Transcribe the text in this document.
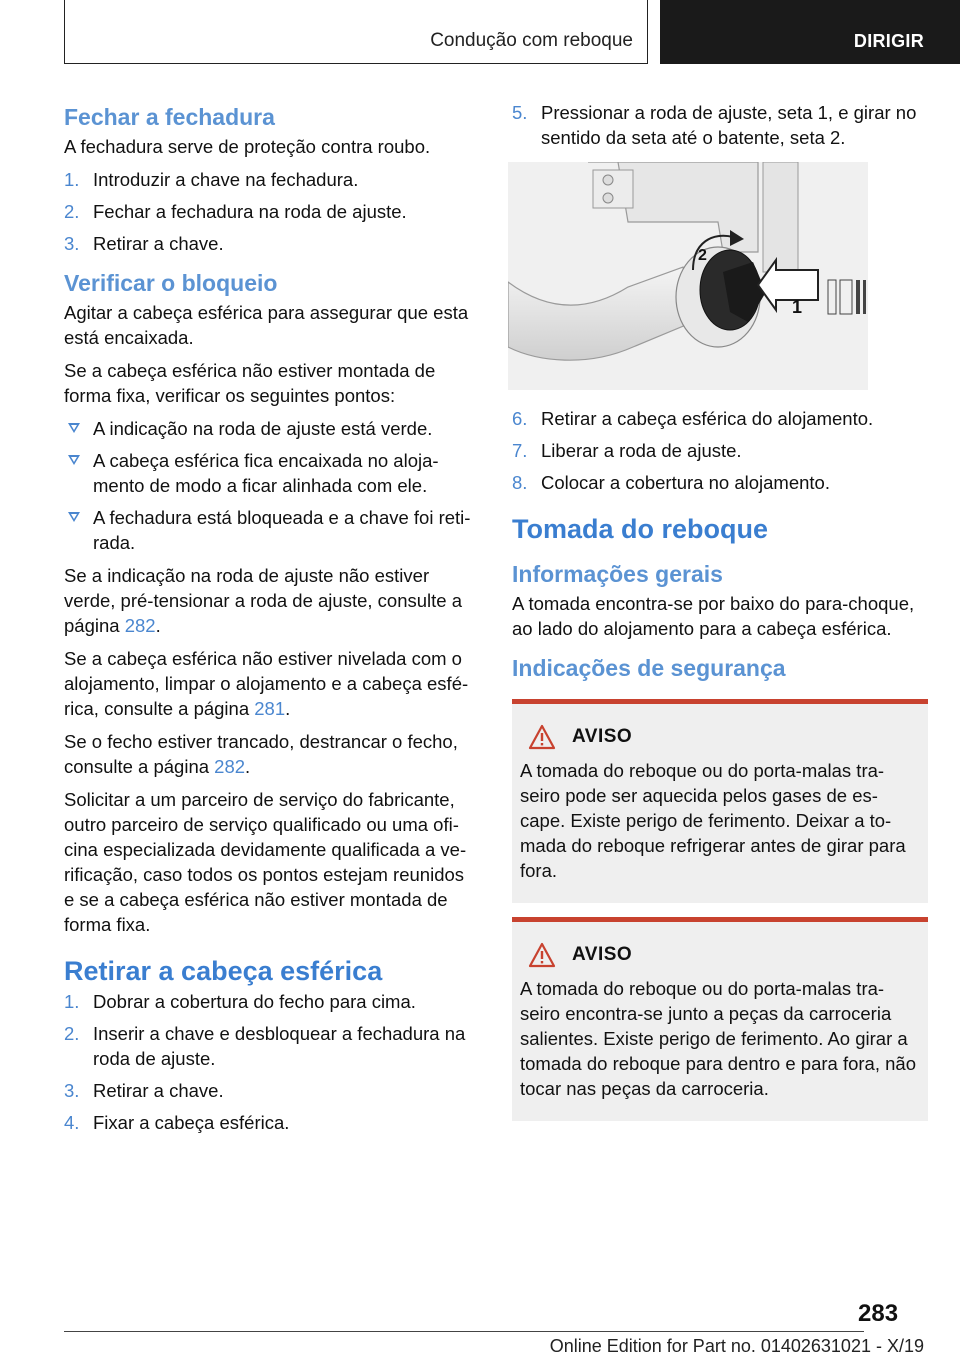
Condução com reboque	DIRIGIR
Fechar a fechadura

A fechadura serve de proteção contra roubo.

1. Introduzir a chave na fechadura.
2. Fechar a fechadura na roda de ajuste.
3. Retirar a chave.
Verificar o bloqueio

Agitar a cabeça esférica para assegurar que esta está encaixada.

Se a cabeça esférica não estiver montada de forma fixa, verificar os seguintes pontos:

A indicação na roda de ajuste está verde.
A cabeça esférica fica encaixada no aloja‐mento de modo a ficar alinhada com ele.
A fechadura está bloqueada e a chave foi reti‐rada.

Se a indicação na roda de ajuste não estiver verde, pré-tensionar a roda de ajuste, consulte a página 282.

Se a cabeça esférica não estiver nivelada com o alojamento, limpar o alojamento e a cabeça esfé‐rica, consulte a página 281.

Se o fecho estiver trancado, destrancar o fecho, consulte a página 282.

Solicitar a um parceiro de serviço do fabricante, outro parceiro de serviço qualificado ou uma ofi‐cina especializada devidamente qualificada a ve‐rificação, caso todos os pontos estejam reunidos e se a cabeça esférica não estiver montada de forma fixa.

Retirar a cabeça esférica
1. Dobrar a cobertura do fecho para cima.
2. Inserir a chave e desbloquear a fechadura na roda de ajuste.
3. Retirar a chave.
4. Fixar a cabeça esférica.
5. Pressionar a roda de ajuste, seta 1, e girar no sentido da seta até o batente, seta 2.
2
1
6. Retirar a cabeça esférica do alojamento.
7. Liberar a roda de ajuste.
8. Colocar a cobertura no alojamento.
Tomada do reboque
Informações gerais

A tomada encontra-se por baixo do para-choque, ao lado do alojamento para a cabeça esférica.

Indicações de segurança
AVISO

A tomada do reboque ou do porta-malas tra‐seiro pode ser aquecida pelos gases de es‐cape. Existe perigo de ferimento. Deixar a to‐mada do reboque refrigerar antes de girar para fora.

AVISO

A tomada do reboque ou do porta-malas tra‐seiro encontra-se junto a peças da carroceria salientes. Existe perigo de ferimento. Ao girar a tomada do reboque para dentro e para fora, não tocar nas peças da carroceria.

283
Online Edition for Part no. 01402631021 - X/19
